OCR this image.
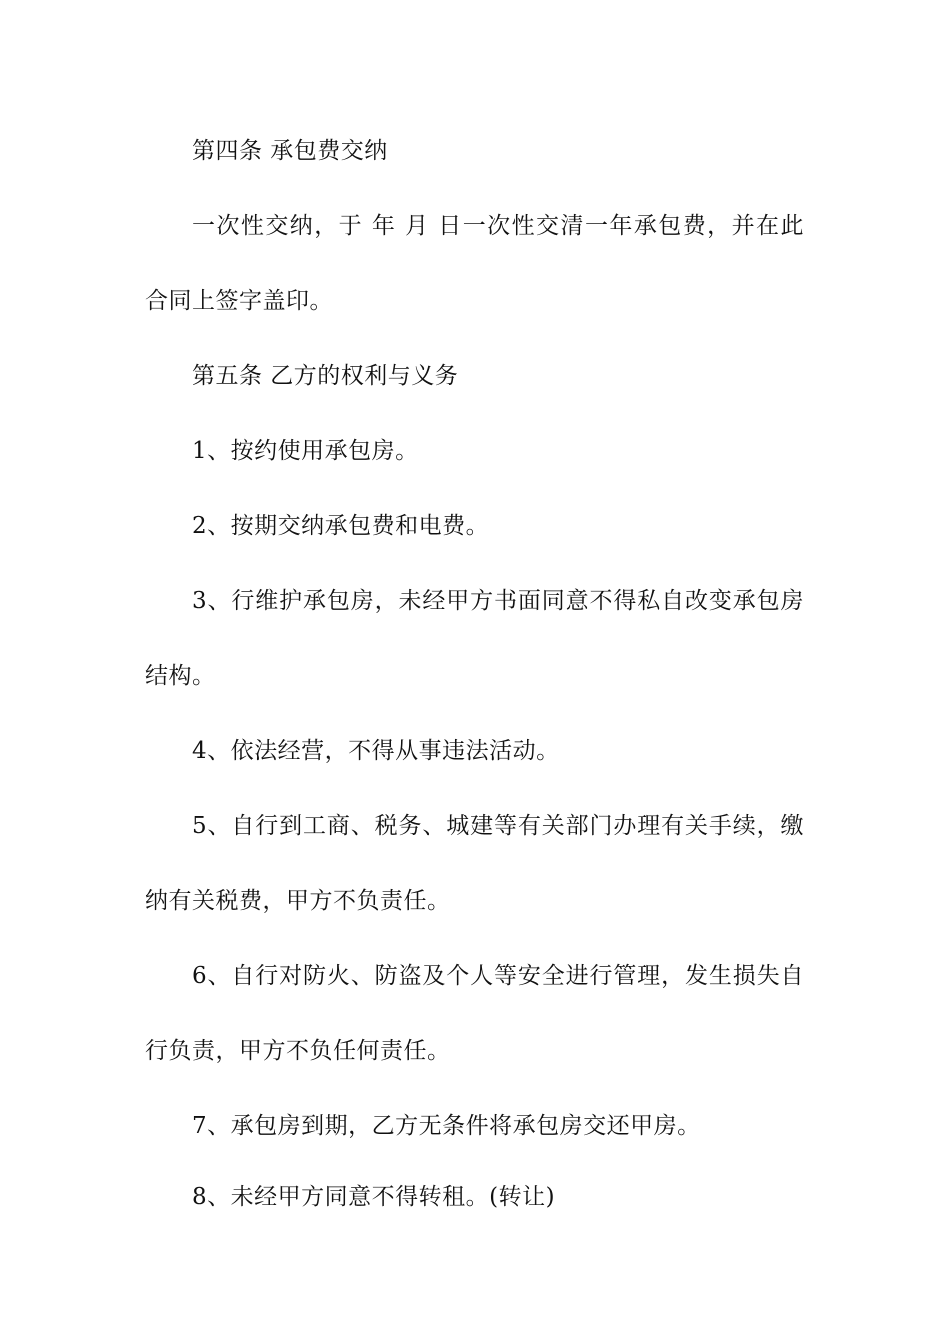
第四条 承包费交纳
一次性交纳，于 年 月 日一次性交清一年承包费，并在此
合同上签字盖印。
第五条 乙方的权利与义务
1、按约使用承包房。
2、按期交纳承包费和电费。
3、行维护承包房，未经甲方书面同意不得私自改变承包房
结构。
4、依法经营，不得从事违法活动。
5、自行到工商、税务、城建等有关部门办理有关手续，缴
纳有关税费，甲方不负责任。
6、自行对防火、防盗及个人等安全进行管理，发生损失自
行负责，甲方不负任何责任。
7、承包房到期，乙方无条件将承包房交还甲房。
8、未经甲方同意不得转租。(转让)
